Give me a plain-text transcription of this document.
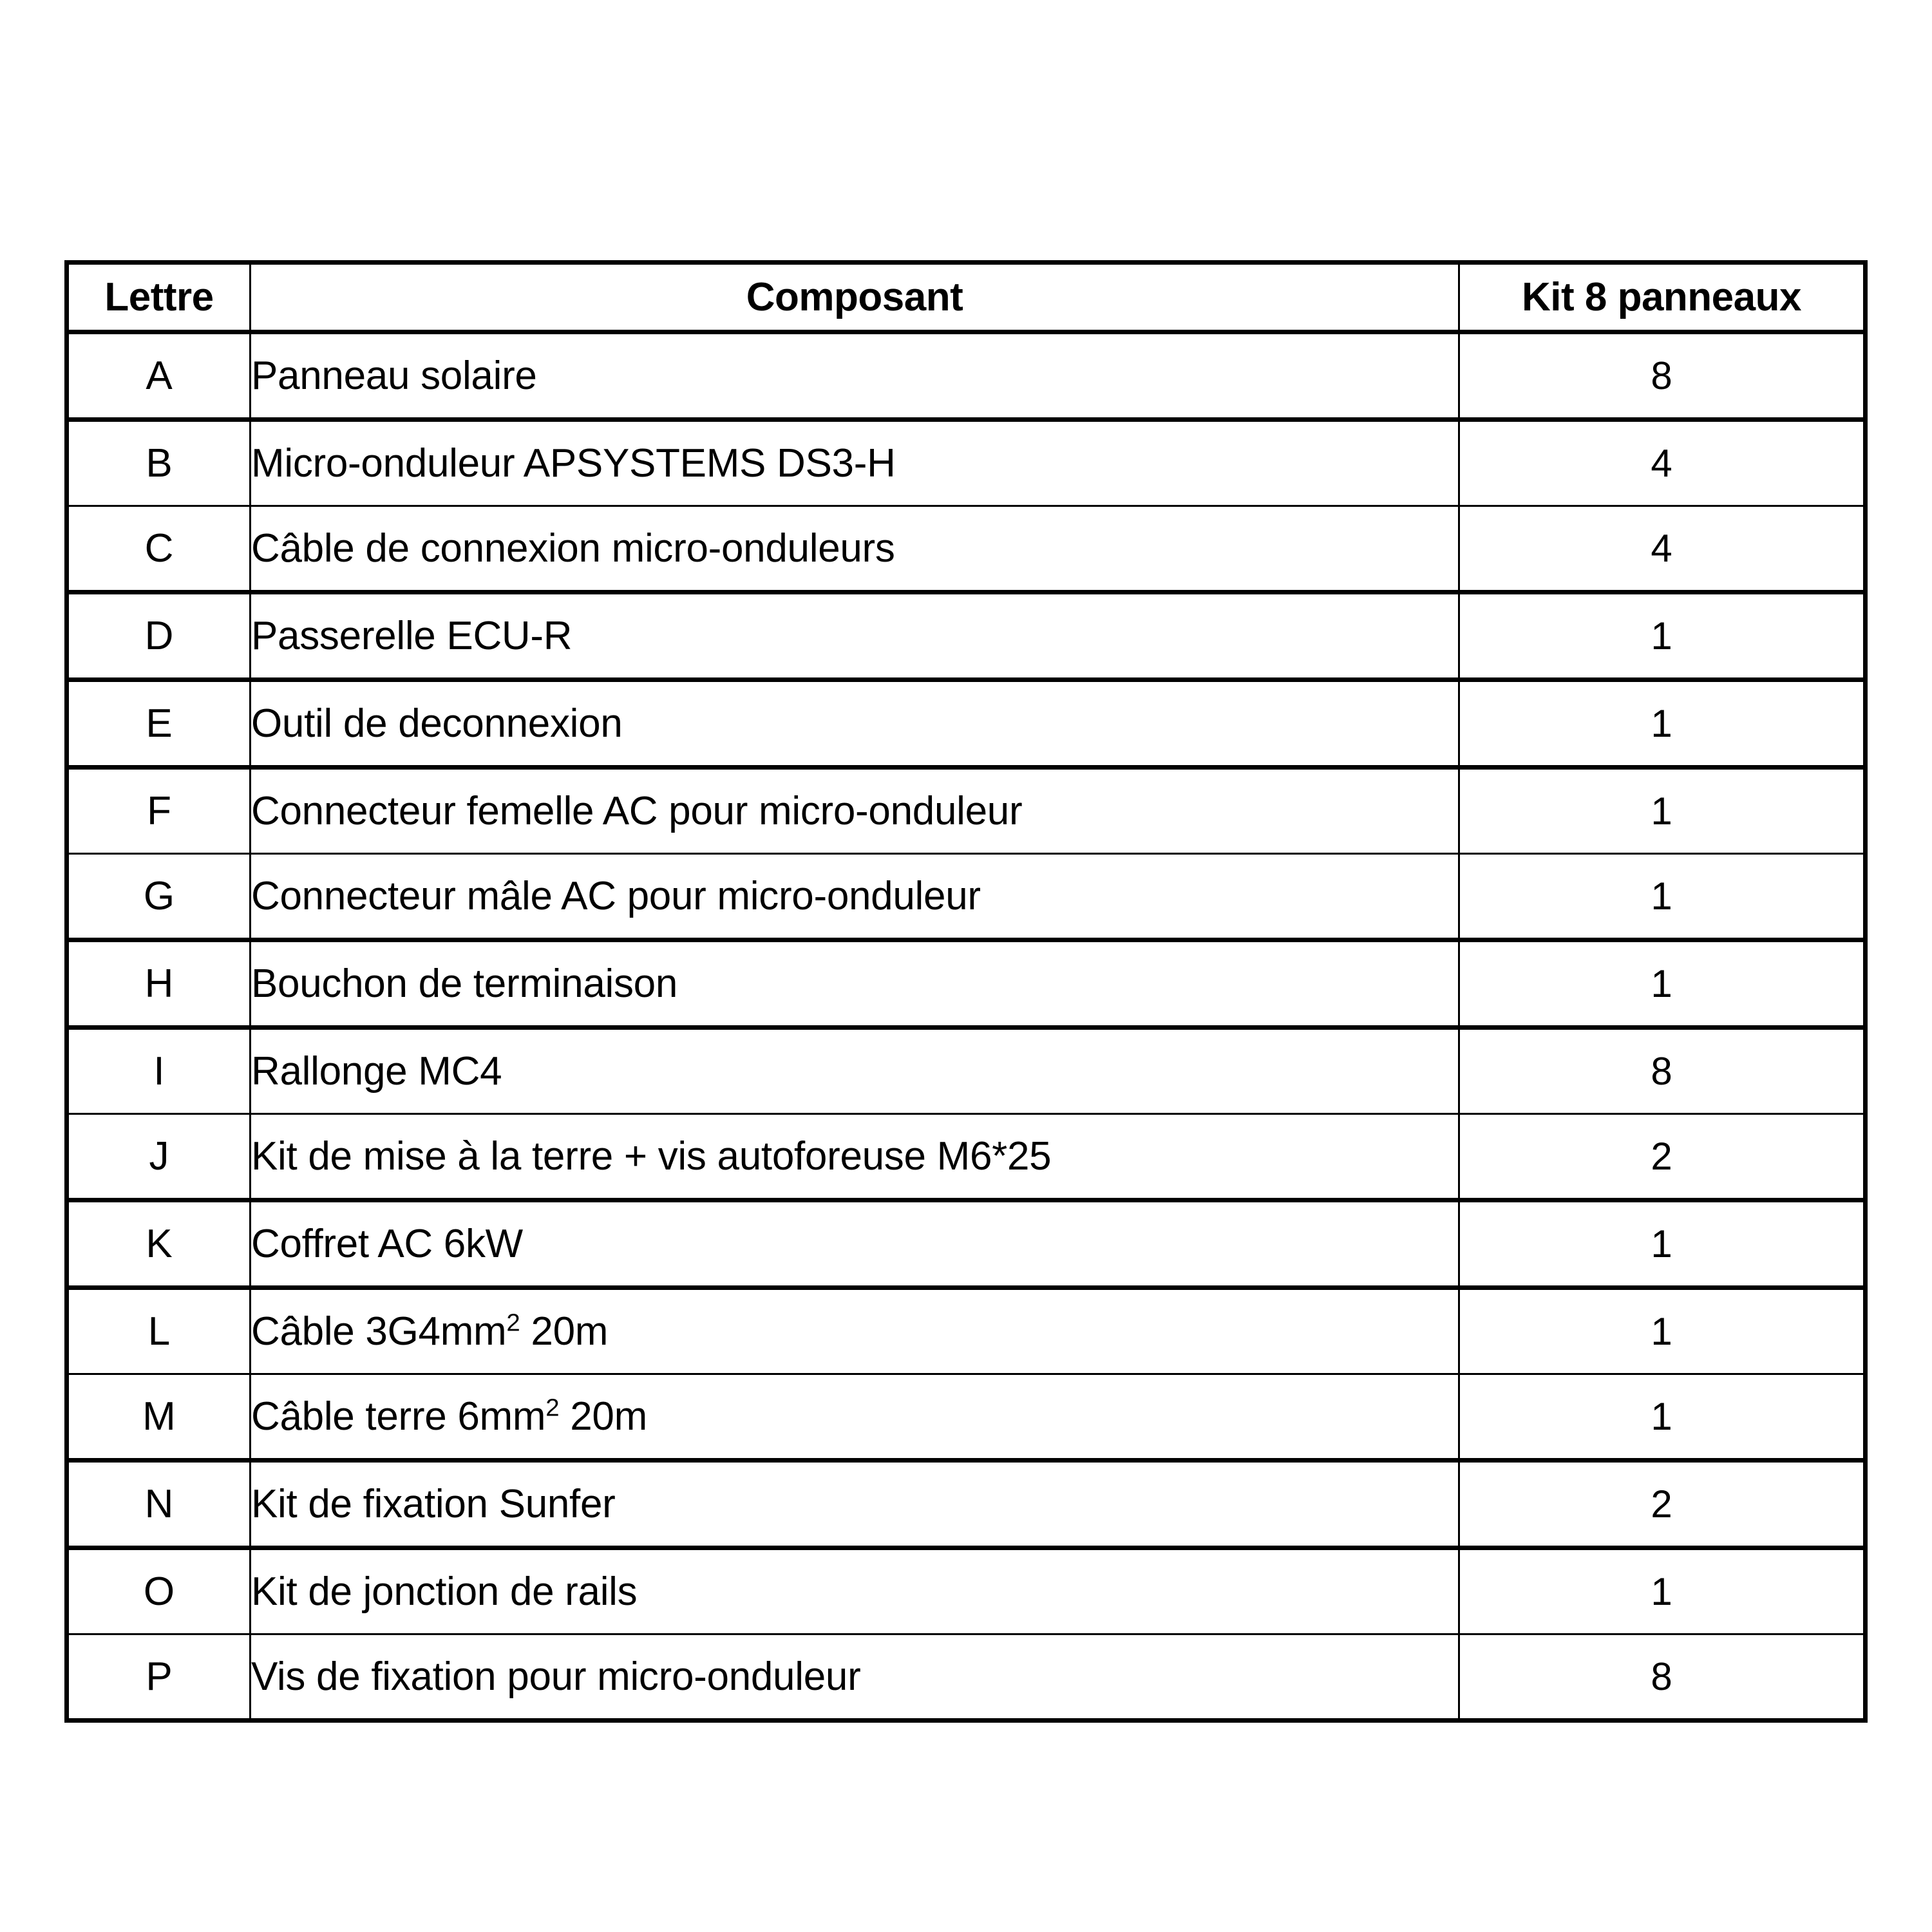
Lettre	Composant	Kit 8 panneaux
A	Panneau solaire	8
B	Micro-onduleur APSYSTEMS DS3-H	4
C	Câble de connexion micro-onduleurs	4
D	Passerelle ECU-R	1
E	Outil de deconnexion	1
F	Connecteur femelle AC pour micro-onduleur	1
G	Connecteur mâle AC pour micro-onduleur	1
H	Bouchon de terminaison	1
I	Rallonge MC4	8
J	Kit de mise à la terre + vis autoforeuse M6*25	2
K	Coffret AC 6kW	1
L	Câble $3G4mm^2$ 20m	1
M	Câble terre $6mm^2$ 20m	1
N	Kit de fixation Sunfer	2
O	Kit de jonction de rails	1
P	Vis de fixation pour micro-onduleur	8
